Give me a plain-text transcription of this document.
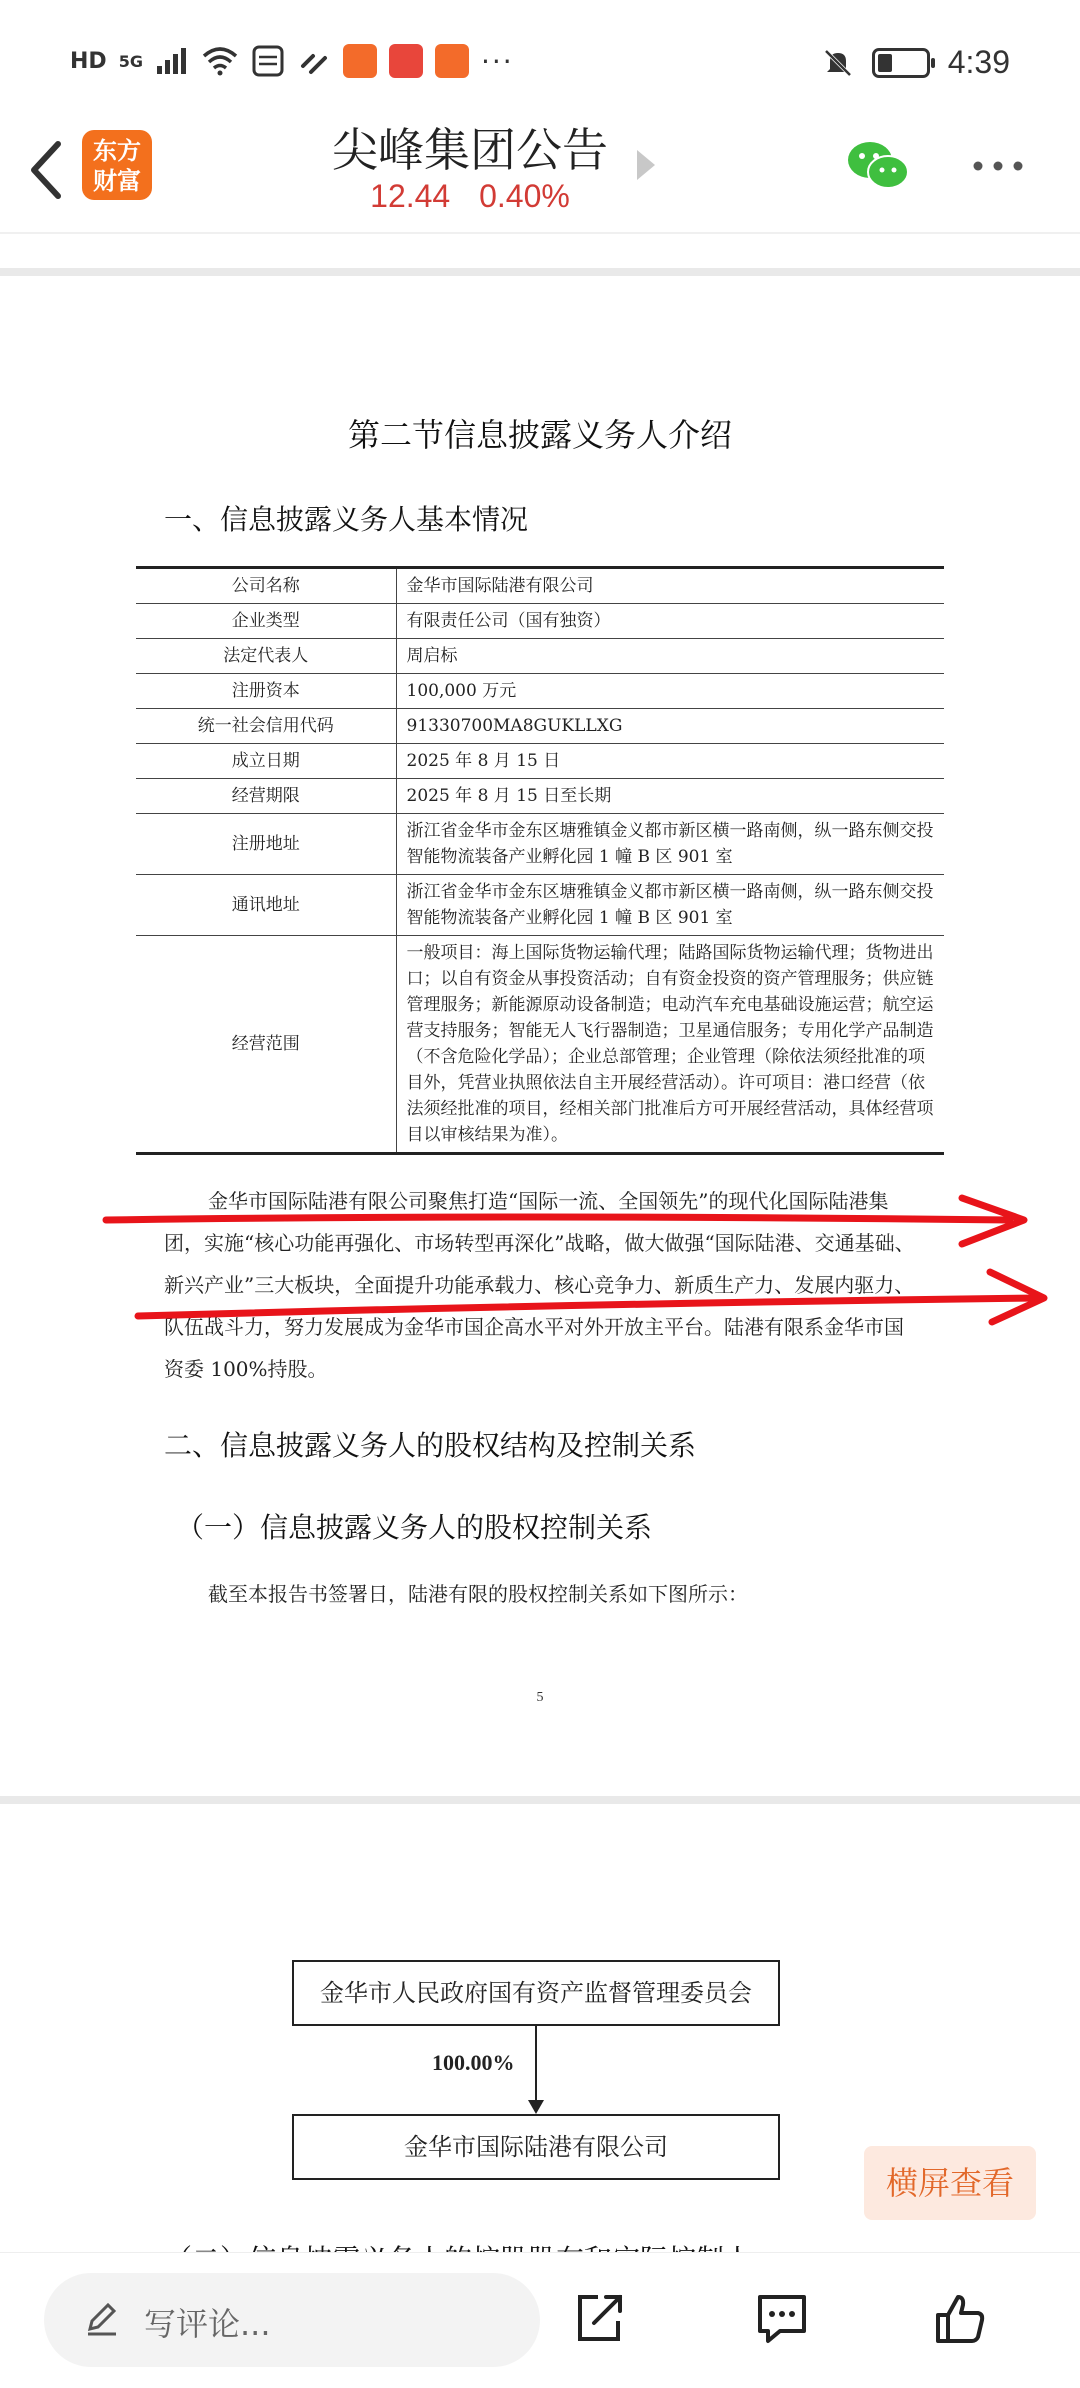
HD 5G	···	4:39
东方
财富
尖峰集团公告
12.44 0.40%
第二节信息披露义务人介绍
一、信息披露义务人基本情况
公司名称	金华市国际陆港有限公司
企业类型	有限责任公司（国有独资）
法定代表人	周启标
注册资本	100,000 万元
统一社会信用代码	91330700MA8GUKLLXG
成立日期	2025 年 8 月 15 日
经营期限	2025 年 8 月 15 日至长期
注册地址	浙江省金华市金东区塘雅镇金义都市新区横一路南侧，纵一路东侧交投智能物流装备产业孵化园 1 幢 B 区 901 室
通讯地址	浙江省金华市金东区塘雅镇金义都市新区横一路南侧，纵一路东侧交投智能物流装备产业孵化园 1 幢 B 区 901 室
经营范围	一般项目：海上国际货物运输代理；陆路国际货物运输代理；货物进出口；以自有资金从事投资活动；自有资金投资的资产管理服务；供应链管理服务；新能源原动设备制造；电动汽车充电基础设施运营；航空运营支持服务；智能无人飞行器制造；卫星通信服务；专用化学产品制造（不含危险化学品）；企业总部管理；企业管理（除依法须经批准的项目外，凭营业执照依法自主开展经营活动）。许可项目：港口经营（依法须经批准的项目，经相关部门批准后方可开展经营活动，具体经营项目以审核结果为准）。
金华市国际陆港有限公司聚焦打造“国际一流、全国领先”的现代化国际陆港集团，实施“核心功能再强化、市场转型再深化”战略，做大做强“国际陆港、交通基础、新兴产业”三大板块，全面提升功能承载力、核心竞争力、新质生产力、发展内驱力、队伍战斗力，努力发展成为金华市国企高水平对外开放主平台。陆港有限系金华市国资委 100%持股。
二、信息披露义务人的股权结构及控制关系
（一）信息披露义务人的股权控制关系
截至本报告书签署日，陆港有限的股权控制关系如下图所示：
5
金华市人民政府国有资产监督管理委员会
100.00%
金华市国际陆港有限公司
横屏查看
写评论...
